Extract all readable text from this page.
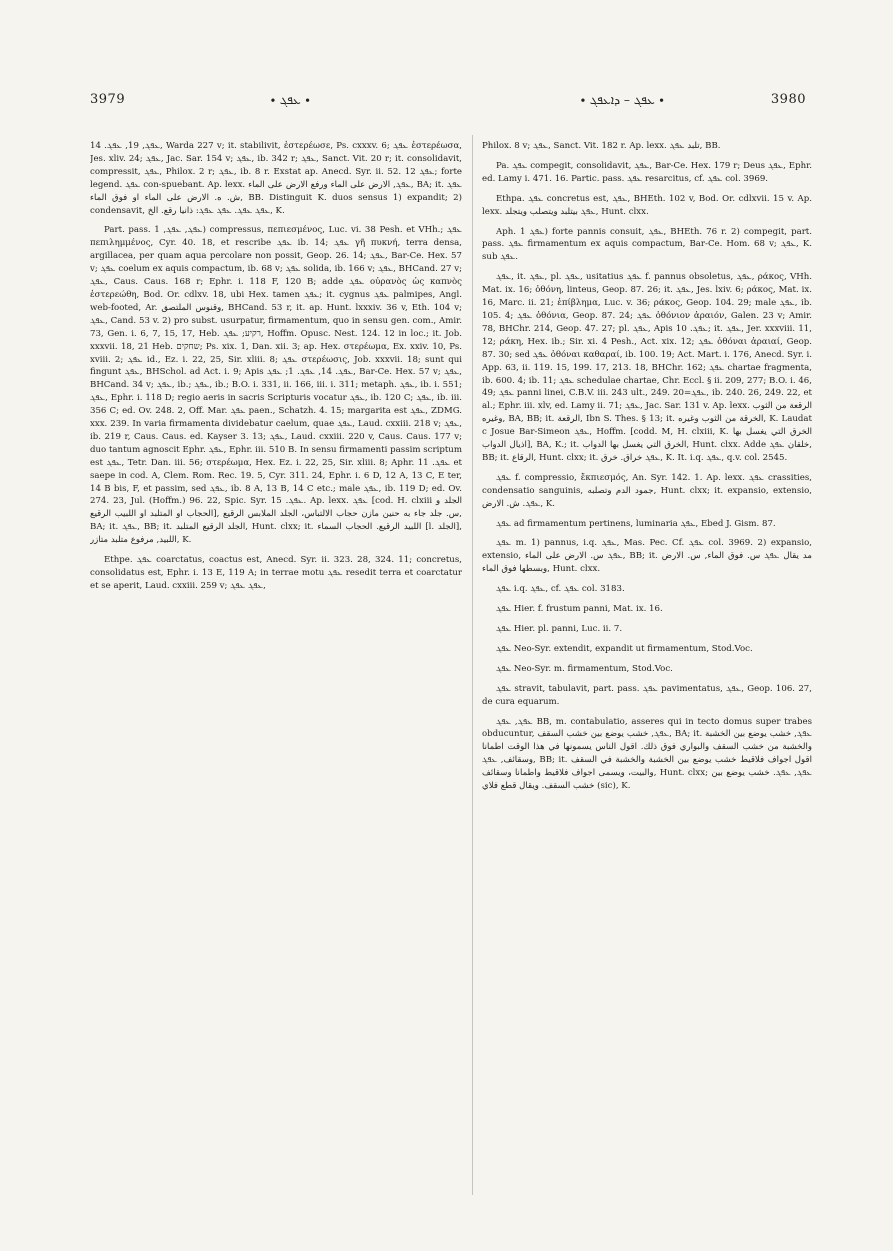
3979	∙ ܥܦܓ ∙	∙ ܥܦܓ – ܕܐܥܦܓ ∙	3980

ܥܦܓ, 19, ܥܦܓ. 14, Warda 227 v; it. stabilivit, ἐστερέωσε, Ps. cxxxv. 6; ܥܦܓ ἐστερέωσα, Jes. xliv. 24; ܥܦܓ, Jac. Sar. 154 v; ܥܦܓ, ib. 342 r; ܥܦܓ, Sanct. Vit. 20 r; it. consolidavit, compressit, ܥܦܓ, Philox. 2 r; ܥܦܓ, ib. 8 r. Exstat ap. Anecd. Syr. ii. 52. 12 ܥܦܓ; forte legend. ܥܦܓ con-spuebant. Ap. lexx. ܥܦܓ, الارض على الماء ورفع الارض على الماء, BA; it. ܥܦܓ ش. ه. الارض على الماء او فوق الماء, BB. Distinguit K. duos sensus 1) expandit; 2) condensavit, ܥܦܓ ܥܦܓ. ܥܦܓ ܥܦܓ: ذانيا رقع. الخ, K.

Part. pass. ܥܦܓ, ܥܦܓ, 1) compressus, πεπιεσμένος, Luc. vi. 38 Pesh. et VHh.; ܥܦܓ πεπιλημμένος, Cyr. 40. 18, et rescribe ܥܦܓ ib. 14; ܥܦܓ γῆ πυκνή, terra densa, argillacea, per quam aqua percolare non possit, Geop. 26. 14; ܥܦܓ, Bar-Ce. Hex. 57 v; ܥܦܓ coelum ex aquis compactum, ib. 68 v; ܥܦܓ solida, ib. 166 v; ܥܦܓ, BHCand. 27 v; ܥܦܓ, Caus. Caus. 168 r; Ephr. i. 118 F, 120 B; adde ܥܦܓ oὐρανὸς ὡς καπνὸς ἐστερεώθη, Bod. Or. cdlxv. 18, ubi Hex. tamen ܥܦܓ; it. cygnus ܥܦܓ palmipes, Angl. web-footed, Ar. وقنوس الملتصق, BHCand. 53 r, it. ap. Hunt. lxxxiv. 36 v, Eth. 104 v; ܥܦܓ, Cand. 53 v. 2) pro subst. usurpatur, firmamentum, quo in sensu gen. com., Amir. 73, Gen. i. 6, 7, 15, 17, Heb. רקיע; ܥܦܓ, Hoffm. Opusc. Nest. 124. 12 in loc.; it. Job. xxxvii. 18, 21 Heb. שחקים; Ps. xix. 1, Dan. xii. 3; ap. Hex. στερέωμα, Ex. xxiv. 10, Ps. xviii. 2; ܥܦܓ id., Ez. i. 22, 25, Sir. xliii. 8; ܥܦܓ στερέωσις, Job. xxxvii. 18; sunt qui fingunt ܥܦܓ, BHSchol. ad Act. i. 9; Apis ܥܦܓ. 14, ܥܦܓ. 1; ܥܦܓ, Bar-Ce. Hex. 57 v; ܥܦܓ, BHCand. 34 v; ܥܦܓ, ib.; ܥܦܓ, ib.; B.O. i. 331, ii. 166, iii. i. 311; metaph. ܥܦܓ, ib. i. 551; ܥܦܓ, Ephr. i. 118 D; regio aeris in sacris Scripturis vocatur ܥܦܓ, ib. 120 C; ܥܦܓ, ib. iii. 356 C; ed. Ov. 248. 2, Off. Mar. ܥܦܓ paen., Schatzh. 4. 15; margarita est ܥܦܓ, ZDMG. xxx. 239. In varia firmamenta dividebatur caelum, quae ܥܦܓ, Laud. cxxiii. 218 v; ܥܦܓ, ib. 219 r, Caus. Caus. ed. Kayser 3. 13; ܥܦܓ, Laud. cxxiii. 220 v, Caus. Caus. 177 v; duo tantum agnoscit Ephr. ܥܦܓ, Ephr. iii. 510 B. In sensu firmamenti passim scriptum est ܥܦܓ, Tetr. Dan. iii. 56; στερέωμα, Hex. Ez. i. 22, 25, Sir. xliii. 8; Aphr. ܥܦܓ. 11 et saepe in cod. A, Clem. Rom. Rec. 19. 5, Cyr. 311. 24, Ephr. i. 6 D, 12 A, 13 C, E ter, 14 B bis, F, et passim, sed ܥܦܓ, ib. 8 A, 13 B, 14 C etc.; male ܥܦܓ, ib. 119 D; ed. Ov. 274. 23, Jul. (Hoffm.) 96. 22, Spic. Syr. ܥܦܓ. 15. Ap. lexx. ܥܦܓ [cod. H. clxiii الجلد و الحجاب او المتلبد او اللبيب الرقيع], س. جلد جاء به حنين مازن حجاب الالتباس، الجلد الملابس الرقيع, BA; it. ܥܦܓ, BB; it. الجلد الرقيع المتلبد, Hunt. clxx; it. اللبيد الرقيع. الحجاب السماء [l. الجلد], اللبيد, مرفوع متلبد متازر, K.

Ethpe. ܥܦܓ coarctatus, coactus est, Anecd. Syr. ii. 323. 28, 324. 11; concretus, consolidatus est, Ephr. i. 13 E, 119 A; in terrae motu ܥܦܓ resedit terra et coarctatur et se aperit, Laud. cxxiii. 259 v; ܥܦܓ ܥܦܓ,

Philox. 8 v; ܥܦܓ, Sanct. Vit. 182 r. Ap. lexx. تلبد ܥܦܓ, BB.

Pa. ܥܦܓ compegit, consolidavit, ܥܦܓ, Bar-Ce. Hex. 179 r; Deus ܥܦܓ, Ephr. ed. Lamy i. 471. 16. Partic. pass. ܥܦܓ resarcitus, cf. ܥܦܓ col. 3969.

Ethpa. ܥܦܓ concretus est, ܥܦܓ, BHEth. 102 v, Bod. Or. cdlxvii. 15 v. Ap. lexx. ܥܦܓ بيتلبد ويتصلب ويتجلد, Hunt. clxx.

Aph. ܥܦܓ 1) forte pannis consuit, ܥܦܓ, BHEth. 76 r. 2) compegit, part. pass. ܥܦܓ firmamentum ex aquis compactum, Bar-Ce. Hom. 68 v; ܥܦܓ, K. sub ܥܦܓ.

ܥܦܓ, it. ܥܦܓ, pl. ܥܦܓ, usitatius ܥܦܓ f. pannus obsoletus, ܥܦܓ, ράκος, VHh. Mat. ix. 16; ὀθόνη, linteus, Geop. 87. 26; it. ܥܦܓ, Jes. lxiv. 6; ράκος, Mat. ix. 16, Marc. ii. 21; ἐπίβλημα, Luc. v. 36; ράκος, Geop. 104. 29; male ܥܦܓ, ib. 105. 4; ܥܦܓ ὀθόνια, Geop. 87. 24; ܥܦܓ ὀθόνιον ἀραιόν, Galen. 23 v; Amir. 78, BHChr. 214, Geop. 47. 27; pl. ܥܦܓ, Apis ܥܦܓ. 10; it. ܥܦܓ, Jer. xxxviii. 11, 12; ράκη, Hex. ib.; Sir. xi. 4 Pesh., Act. xix. 12; ܥܦܓ ὀθόναι ἀραιαί, Geop. 87. 30; sed ܥܦܓ ὀθόναι καθαραί, ib. 100. 19; Act. Mart. i. 176, Anecd. Syr. i. App. 63, ii. 119. 15, 199. 17, 213. 18, BHChr. 162; ܥܦܓ chartae fragmenta, ib. 600. 4; ib. 11; ܥܦܓ schedulae chartae, Chr. Eccl. § ii. 209, 277; B.O. i. 46, 49; ܥܦܓ panni linei, C.B.V. iii. 243 ult., 249. 20=ܥܦܓ, ib. 240. 26, 249. 22, et al.; Ephr. iii. xlv, ed. Lamy ii. 71; ܥܦܓ, Jac. Sar. 131 v. Ap. lexx. الرقعة من الثوب وغيره, BA, BB; it. الرقعة, Ibn S. Thes. § 13; it. الخرقة من الثوب وغيره, K. Laudat c Josue Bar-Simeon ܥܦܓ, Hoffm. [codd. M, H. clxiii, K. الخرق التي يغسل بها اذيال الدواب], BA, K.; it. الخرق التي يغسل بها الدواب, Hunt. clxx. Adde خلقان ܥܦܓ, BB; it. الرقاع, Hunt. clxx; it. ܥܦܓ خراق. خرق, K. It. i.q. ܥܦܓ, q.v. col. 2545.

ܥܦܓ f. compressio, ἔκπιεσμός, An. Syr. 142. 1. Ap. lexx. ܥܦܓ crassities, condensatio sanguinis, جمود الدم وتصلبه, Hunt. clxx; it. expansio, extensio, ܥܦܓ. ش. الارض, K.

ܥܦܓ ad firmamentum pertinens, luminaria ܥܦܓ, Ebed J. Gism. 87.

ܥܦܓ m. 1) pannus, i.q. ܥܦܓ, Mas. Pec. Cf. ܥܦܓ col. 3969. 2) expansio, extensio, ܥܦܓ س. الارض على الماء, BB; it. مد يقال ܥܦܓ س. فوق الماء, س. الارض وبسطها فوق الماء, Hunt. clxx.

ܥܦܓ i.q. ܥܦܓ, cf. ܥܦܓ col. 3183.

ܥܦܓ Hier. f. frustum panni, Mat. ix. 16.

ܥܦܓ Hier. pl. panni, Luc. ii. 7.

ܥܦܓ Neo-Syr. extendit, expandit ut firmamentum, Stod.Voc.

ܥܦܓ Neo-Syr. m. firmamentum, Stod.Voc.

ܥܦܓ stravit, tabulavit, part. pass. ܥܦܓ pavimentatus, ܥܦܓ, Geop. 106. 27, de cura equarum.

ܥܦܓ, ܥܦܓ BB, m. contabulatio, asseres qui in tecto domus super trabes obducuntur, ܥܦܓ, خشب يوضع بين خشب السقف, BA; it. ܥܦܓ, خشب يوضع بين الخشبة والخشبة من خشب السقف والبواري فوق ذلك. اقول الناس يسمونها في هذا الوقت اطمانا وسقائف, ܥܦܓ, BB; it. اقول اجواف فلاقيط خشب يوضع بين الخشبة والخشبة في السقف والبيت، ويسمى اجواف فلاقيط واطمانا وسقائف, Hunt. clxx; ܥܦܓ, ܥܦܓ. خشب يوضع بين خشب السقف. ويقال قطع فلاي (sic), K.
